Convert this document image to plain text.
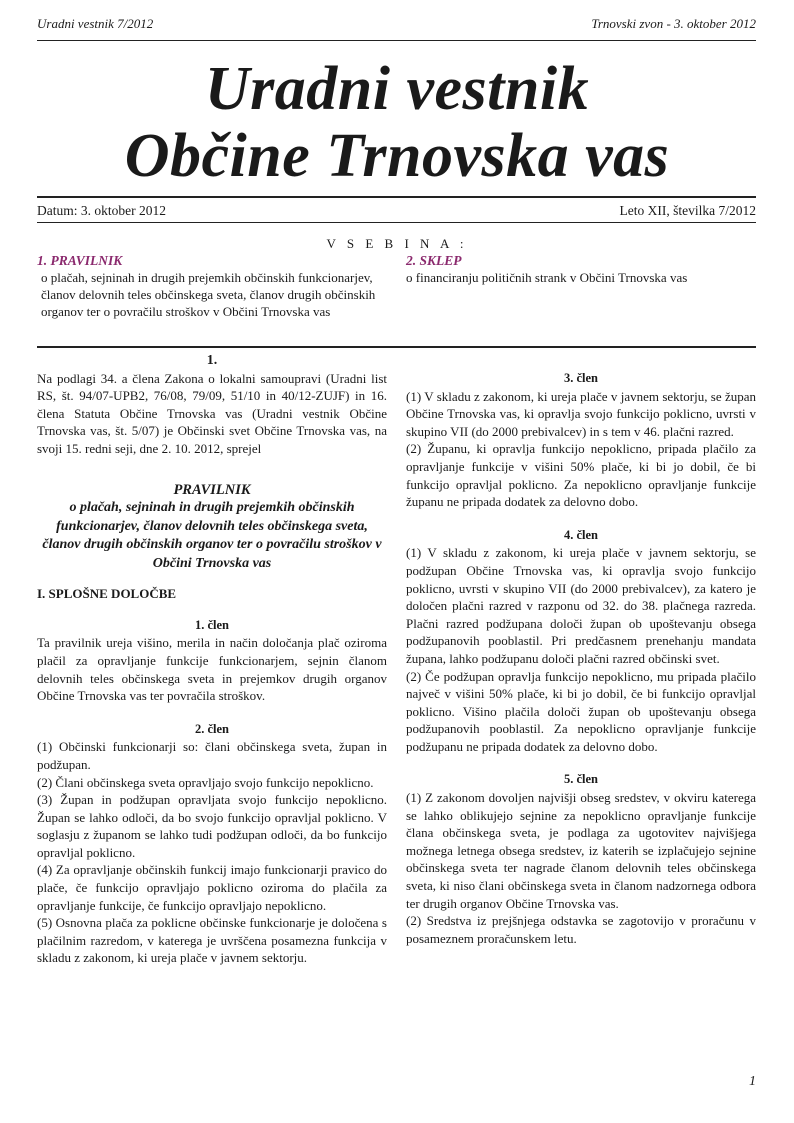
Uradni vestnik 7/2012	Trnovski zvon - 3. oktober 2012
Uradni vestnik
Občine Trnovska vas
Datum: 3. oktober 2012	Leto XII, številka 7/2012
V S E B I N A :
1. PRAVILNIK
o plačah, sejninah in drugih prejemkih občinskih funkcionarjev, članov delovnih teles občinskega sveta, članov drugih občinskih organov ter o povračilu stroškov v Občini Trnovska vas
2. SKLEP
o financiranju političnih strank v Občini Trnovska vas

1.

Na podlagi 34. a člena Zakona o lokalni samoupravi (Uradni list RS, št. 94/07-UPB2, 76/08, 79/09, 51/10 in 40/12-ZUJF) in 16. člena Statuta Občine Trnovska vas (Uradni vestnik Občine Trnovska vas, št. 5/07) je Občinski svet Občine Trnovska vas, na svoji 15. redni seji, dne 2. 10. 2012, sprejel

PRAVILNIK

o plačah, sejninah in drugih prejemkih občinskih funkcionarjev, članov delovnih teles občinskega sveta, članov drugih občinskih organov ter o povračilu stroškov v Občini Trnovska vas

I. SPLOŠNE DOLOČBE

1. člen

Ta pravilnik ureja višino, merila in način določanja plač oziroma plačil za opravljanje funkcije funkcionarjem, sejnin članom delovnih teles občinskega sveta in prejemkov drugih organov Občine Trnovska vas ter povračila stroškov.

2. člen

(1) Občinski funkcionarji so: člani občinskega sveta, župan in podžupan.

(2) Člani občinskega sveta opravljajo svojo funkcijo nepoklicno.

(3) Župan in podžupan opravljata svojo funkcijo nepoklicno. Župan se lahko odloči, da bo svojo funkcijo opravljal poklicno. V soglasju z županom se lahko tudi podžupan odloči, da bo funkcijo opravljal poklicno.

(4) Za opravljanje občinskih funkcij imajo funkcionarji pravico do plače, če funkcijo opravljajo poklicno oziroma do plačila za opravljanje funkcije, če funkcijo opravljajo nepoklicno.

(5) Osnovna plača za poklicne občinske funkcionarje je določena s plačilnim razredom, v katerega je uvrščena posamezna funkcija v skladu z zakonom, ki ureja plače v javnem sektorju.

3. člen

(1) V skladu z zakonom, ki ureja plače v javnem sektorju, se župan Občine Trnovska vas, ki opravlja svojo funkcijo poklicno, uvrsti v skupino VII (do 2000 prebivalcev) in s tem v 46. plačni razred.

(2) Županu, ki opravlja funkcijo nepoklicno, pripada plačilo za opravljanje funkcije v višini 50% plače, ki bi jo dobil, če bi funkcijo opravljal poklicno. Za nepoklicno opravljanje funkcije županu ne pripada dodatek za delovno dobo.

4. člen

(1) V skladu z zakonom, ki ureja plače v javnem sektorju, se podžupan Občine Trnovska vas, ki opravlja svojo funkcijo poklicno, uvrsti v skupino VII (do 2000 prebivalcev), za katero je določen plačni razred v razponu od 32. do 38. plačnega razreda. Plačni razred podžupana določi župan ob upoštevanju obsega podžupanovih pooblastil. Pri predčasnem prenehanju mandata župana, lahko podžupanu določi plačni razred občinski svet.

(2) Če podžupan opravlja funkcijo nepoklicno, mu pripada plačilo največ v višini 50% plače, ki bi jo dobil, če bi funkcijo opravljal poklicno. Višino plačila določi župan ob upoštevanju obsega podžupanovih pooblastil. Za nepoklicno opravljanje funkcije podžupanu ne pripada dodatek za delovno dobo.

5. člen

(1) Z zakonom dovoljen najvišji obseg sredstev, v okviru katerega se lahko oblikujejo sejnine za nepoklicno opravljanje funkcije člana občinskega sveta, je podlaga za ugotovitev najvišjega možnega letnega obsega sredstev, iz katerih se izplačujejo sejnine občinskega sveta ter nagrade članom delovnih teles občinskega sveta, ki niso člani občinskega sveta in članom nadzornega odbora ter drugih organov Občine Trnovska vas.

(2) Sredstva iz prejšnjega odstavka se zagotovijo v proračunu v posameznem proračunskem letu.

1
